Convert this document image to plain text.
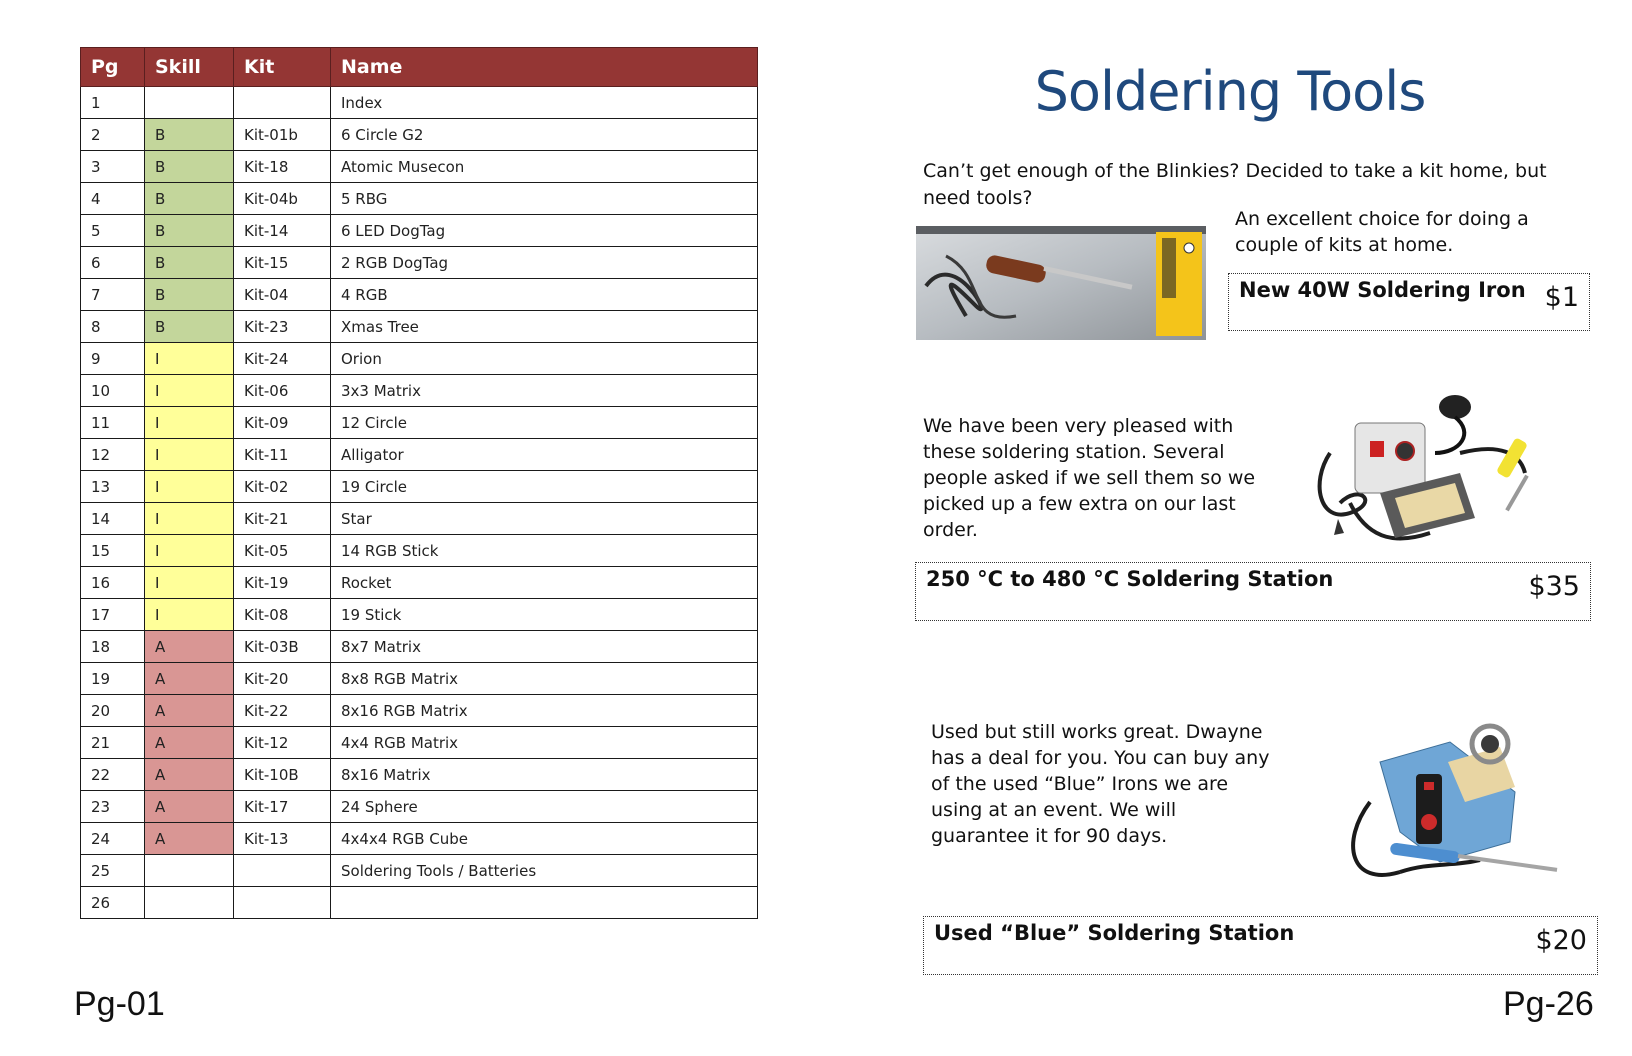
Pg	Skill	Kit	Name
1			Index
2	B	Kit-01b	6 Circle G2
3	B	Kit-18	Atomic Musecon
4	B	Kit-04b	5 RBG
5	B	Kit-14	6 LED DogTag
6	B	Kit-15	2 RGB DogTag
7	B	Kit-04	4 RGB
8	B	Kit-23	Xmas Tree
9	I	Kit-24	Orion
10	I	Kit-06	3x3 Matrix
11	I	Kit-09	12 Circle
12	I	Kit-11	Alligator
13	I	Kit-02	19 Circle
14	I	Kit-21	Star
15	I	Kit-05	14 RGB Stick
16	I	Kit-19	Rocket
17	I	Kit-08	19 Stick
18	A	Kit-03B	8x7 Matrix
19	A	Kit-20	8x8 RGB Matrix
20	A	Kit-22	8x16 RGB Matrix
21	A	Kit-12	4x4 RGB Matrix
22	A	Kit-10B	8x16 Matrix
23	A	Kit-17	24 Sphere
24	A	Kit-13	4x4x4 RGB Cube
25			Soldering Tools / Batteries
26			
Pg-01
Soldering Tools
Can’t get enough of the Blinkies? Decided to take a kit home, but need tools?
An excellent choice for doing a couple of kits at home.
New 40W Soldering Iron $1
We have been very pleased with these soldering station. Several people asked if we sell them so we picked up a few extra on our last order.
250 °C to 480 °C Soldering Station	$35
Used but still works great. Dwayne has a deal for you. You can buy any of the used “Blue” Irons we are using at an event. We will guarantee it for 90 days.
Used “Blue” Soldering Station	$20
Pg-26
